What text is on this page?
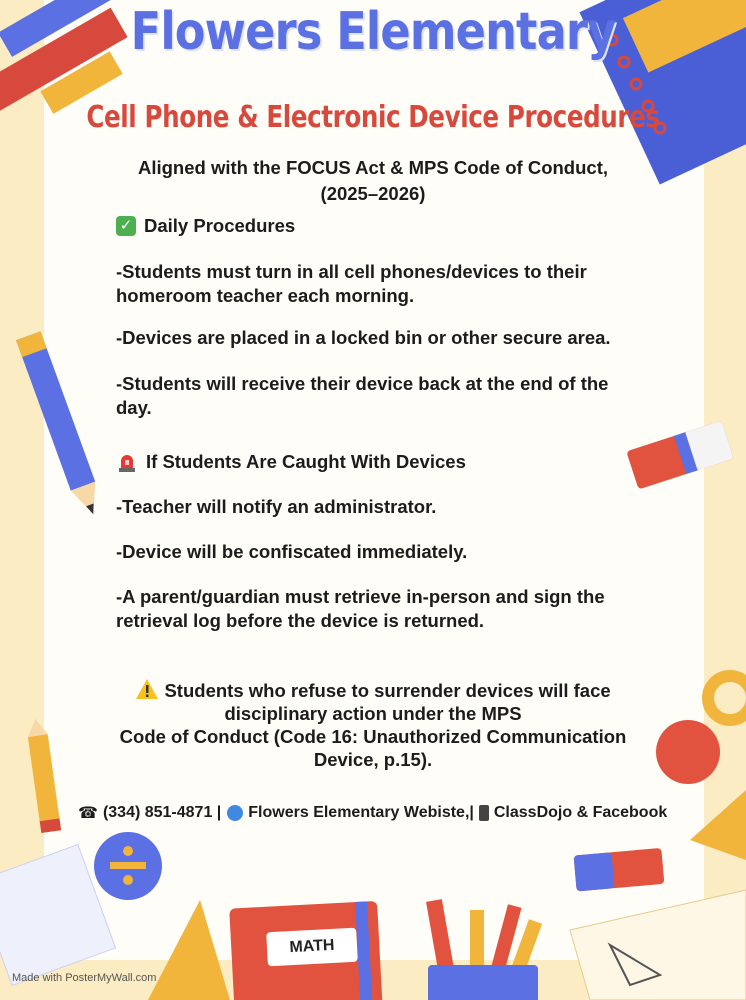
Flowers Elementary
Cell Phone & Electronic Device Procedures
Aligned with the FOCUS Act & MPS Code of Conduct,
(2025–2026)
✓ Daily Procedures
-Students must turn in all cell phones/devices to their homeroom teacher each morning.
-Devices are placed in a locked bin or other secure area.
-Students will receive their device back at the end of the day.
If Students Are Caught With Devices
-Teacher will notify an administrator.
-Device will be confiscated immediately.
-A parent/guardian must retrieve in-person and sign the retrieval log before the device is returned.
Students who refuse to surrender devices will face
disciplinary action under the MPS
Code of Conduct (Code 16: Unauthorized Communication
Device, p.15).
☎ (334) 851-4871 | Flowers Elementary Webiste,| ClassDojo & Facebook
MATH
Made with PosterMyWall.com
